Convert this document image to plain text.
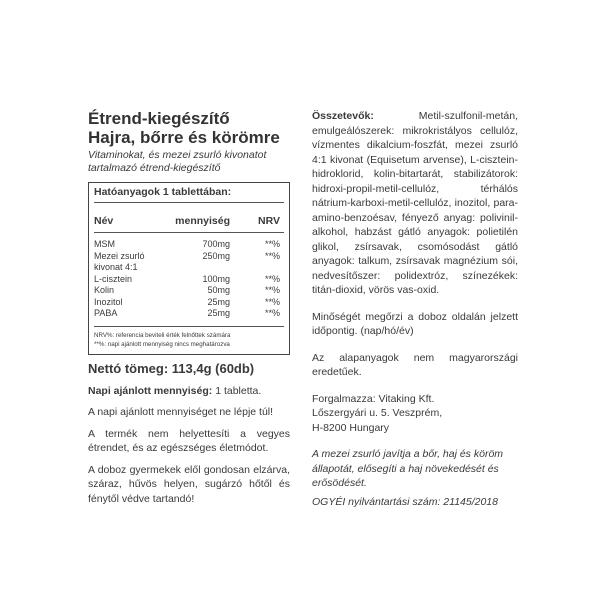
Étrend-kiegészítő
Hajra, bőrre és körömre
Vitaminokat, és mezei zsurló kivonatot tartalmazó étrend-kiegészítő
Hatóanyagok 1 tablettában:
Név	mennyiség	NRV
MSM	700mg	**%
Mezei zsurló kivonat 4:1
250mg	**%
L-cisztein	100mg	**%
Kolin	50mg	**%
Inozitol	25mg	**%
PABA	25mg	**%
NRV%: referencia beviteli érték felnőttek számára
**%: napi ajánlott mennyiség nincs meghatározva
Nettó tömeg: 113,4g (60db)
Napi ajánlott mennyiség: 1 tabletta.
A napi ajánlott mennyiséget ne lépje túl!
A termék nem helyettesíti a vegyes étrendet, és az egészséges életmódot.
A doboz gyermekek elől gondosan elzárva, száraz, hűvös helyen, sugárzó hőtől és fénytől védve tartandó!
Összetevők: Metil-szulfonil-metán, emulgeálószerek: mikrokristályos cellulóz, vízmentes dikalcium-foszfát, mezei zsurló 4:1 kivonat (Equisetum arvense), L-cisztein-hidroklorid, kolin-bitartarát, stabilizátorok: hidroxi-propil-metil-cellulóz, térhálós nátrium-karboxi-metil-cellulóz, inozitol, para-amino-benzoésav, fényező anyag: polivinil-alkohol, habzást gátló anyagok: polietilén glikol, zsírsavak, csomósodást gátló anyagok: talkum, zsírsavak magnézium sói, nedvesítőszer: polidextróz, színezékek: titán-dioxid, vörös vas-oxid.
Minőségét megőrzi a doboz oldalán jelzett időpontig. (nap/hó/év)
Az alapanyagok nem magyarországi eredetűek.
Forgalmazza: Vitaking Kft.
Lőszergyári u. 5. Veszprém,
H-8200 Hungary
A mezei zsurló javítja a bőr, haj és köröm állapotát, elősegíti a haj növekedését és erősödését.
OGYÉI nyilvántartási szám: 21145/2018
